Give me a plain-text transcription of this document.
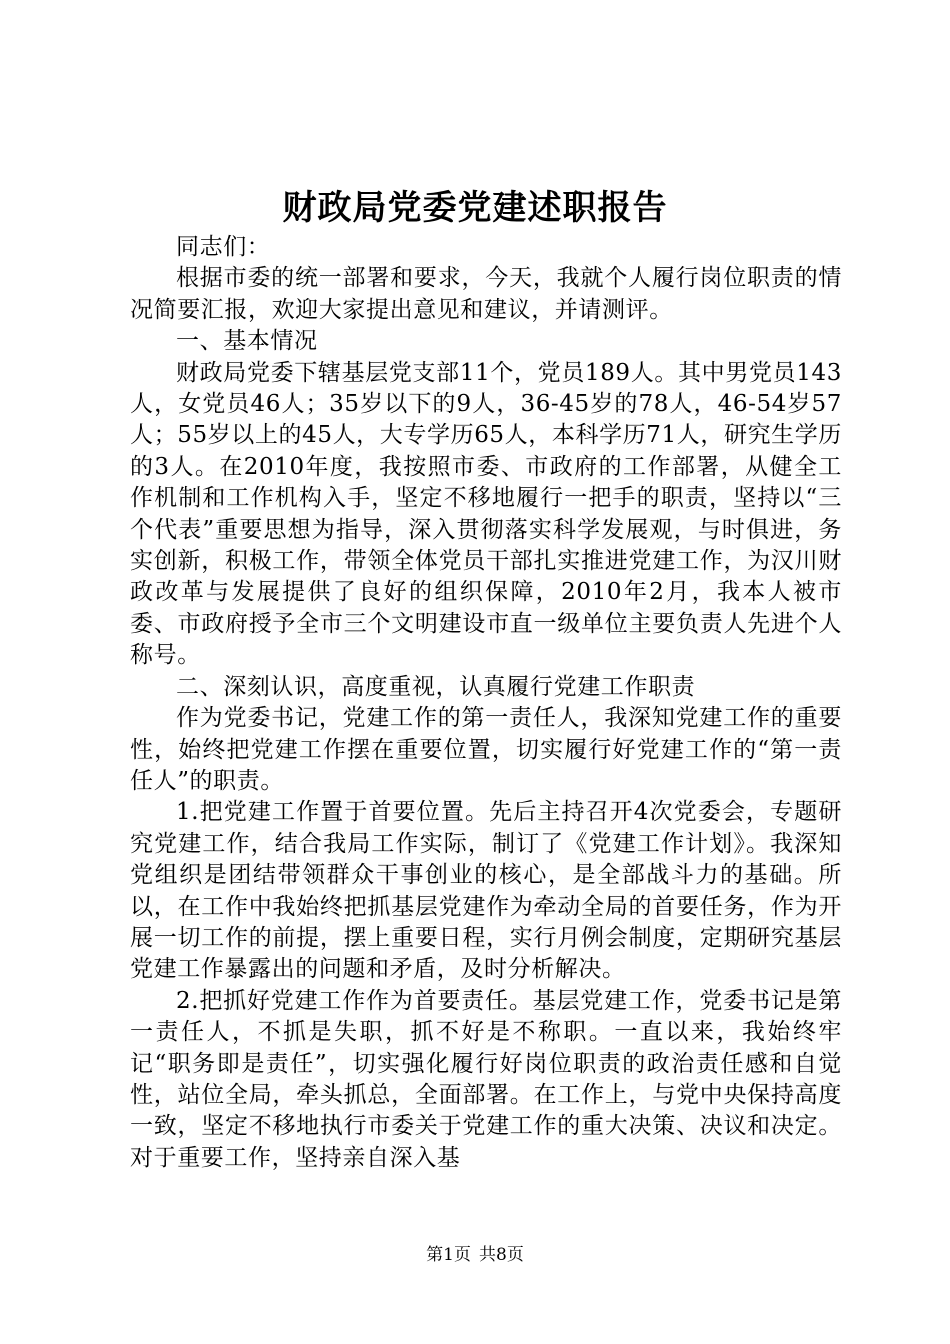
财政局党委党建述职报告

同志们：

根据市委的统一部署和要求，今天，我就个人履行岗位职责的情况简要汇报，欢迎大家提出意见和建议，并请测评。

一、基本情况

财政局党委下辖基层党支部11个，党员189人。其中男党员143人，女党员46人；35岁以下的9人，36-45岁的78人，46-54岁57人；55岁以上的45人，大专学历65人，本科学历71人，研究生学历的3人。在2010年度，我按照市委、市政府的工作部署，从健全工作机制和工作机构入手，坚定不移地履行一把手的职责，坚持以“三个代表”重要思想为指导，深入贯彻落实科学发展观，与时俱进，务实创新，积极工作，带领全体党员干部扎实推进党建工作，为汉川财政改革与发展提供了良好的组织保障，2010年2月，我本人被市委、市政府授予全市三个文明建设市直一级单位主要负责人先进个人称号。

二、深刻认识，高度重视，认真履行党建工作职责

作为党委书记，党建工作的第一责任人，我深知党建工作的重要性，始终把党建工作摆在重要位置，切实履行好党建工作的“第一责任人”的职责。

1.把党建工作置于首要位置。先后主持召开4次党委会，专题研究党建工作，结合我局工作实际，制订了《党建工作计划》。我深知党组织是团结带领群众干事创业的核心，是全部战斗力的基础。所以，在工作中我始终把抓基层党建作为牵动全局的首要任务，作为开展一切工作的前提，摆上重要日程，实行月例会制度，定期研究基层党建工作暴露出的问题和矛盾，及时分析解决。

2.把抓好党建工作作为首要责任。基层党建工作，党委书记是第一责任人，不抓是失职，抓不好是不称职。一直以来，我始终牢记“职务即是责任”，切实强化履行好岗位职责的政治责任感和自觉性，站位全局，牵头抓总，全面部署。在工作上，与党中央保持高度一致，坚定不移地执行市委关于党建工作的重大决策、决议和决定。对于重要工作，坚持亲自深入基

第1页 共8页
